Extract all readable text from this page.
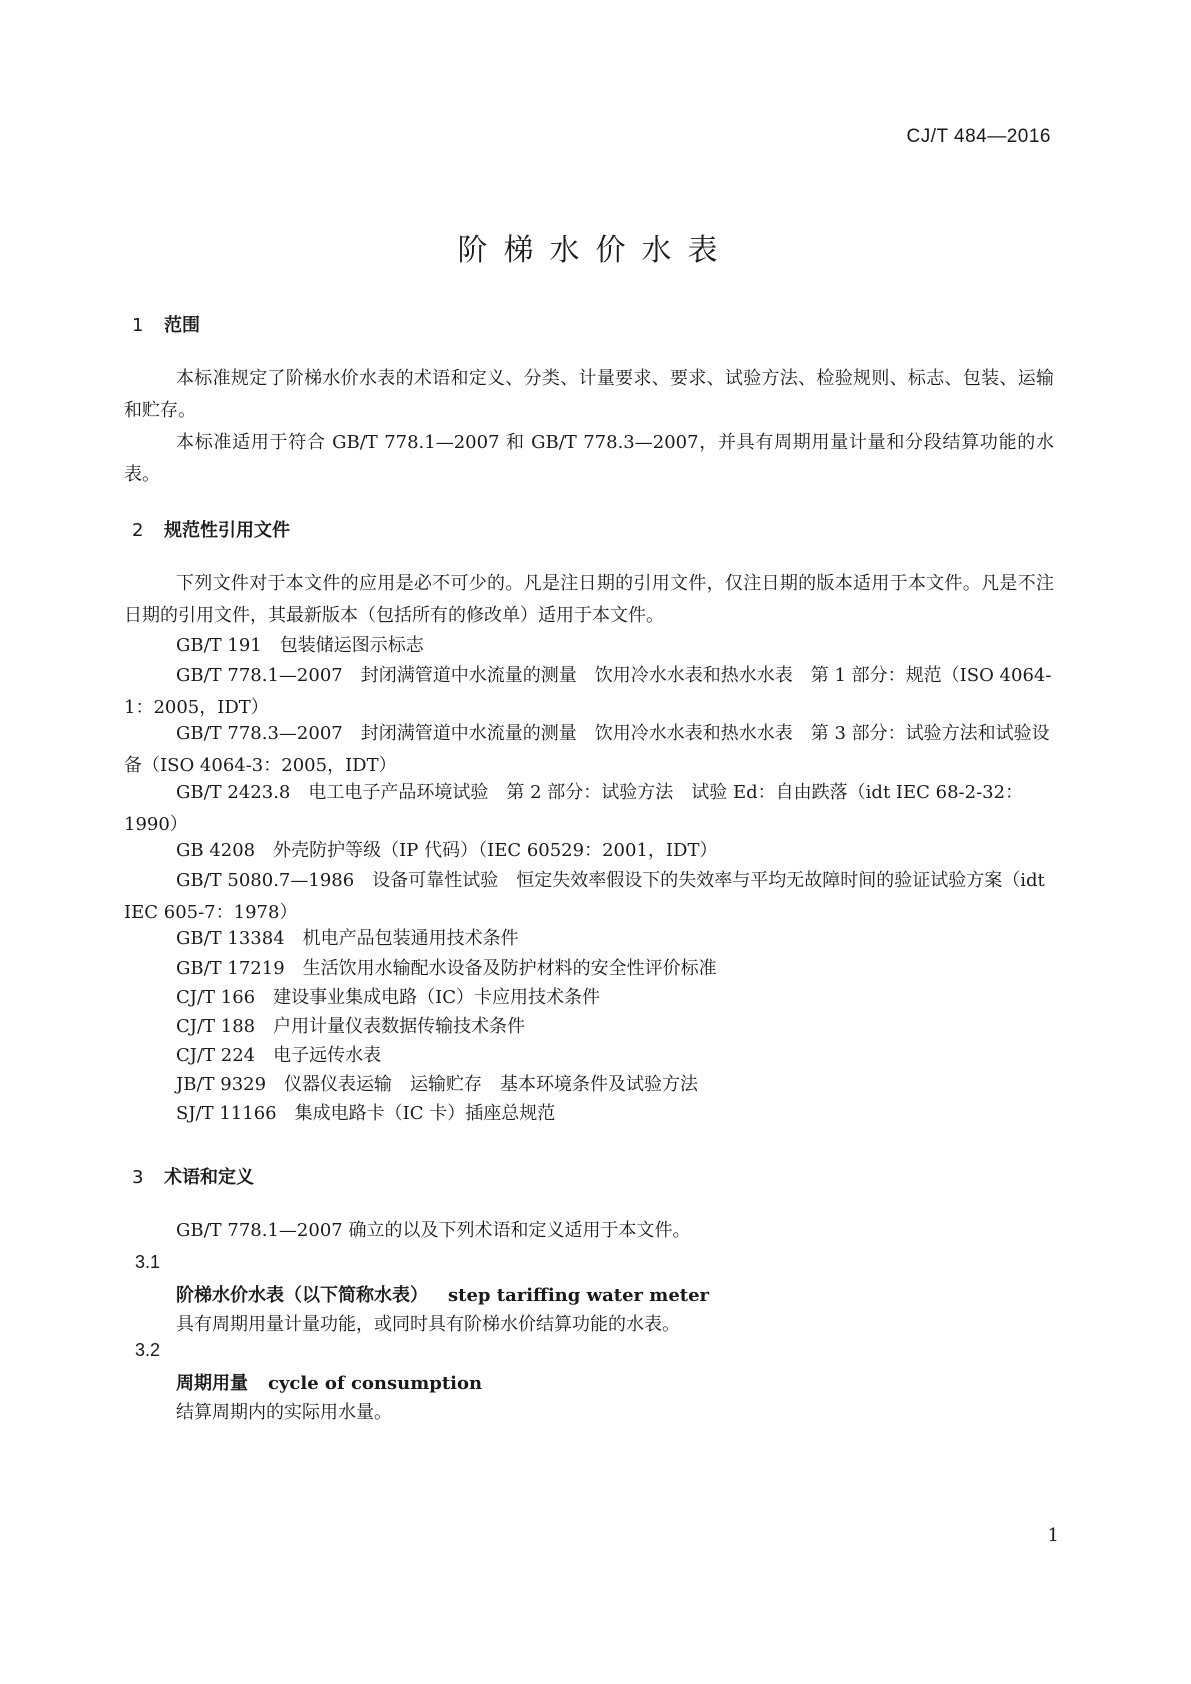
CJ/T 484—2016
阶梯水价水表
1 范围

本标准规定了阶梯水价水表的术语和定义、分类、计量要求、要求、试验方法、检验规则、标志、包装、运输和贮存。

本标准适用于符合 GB/T 778.1—2007 和 GB/T 778.3—2007，并具有周期用量计量和分段结算功能的水表。

2 规范性引用文件

下列文件对于本文件的应用是必不可少的。凡是注日期的引用文件，仅注日期的版本适用于本文件。凡是不注日期的引用文件，其最新版本（包括所有的修改单）适用于本文件。

GB/T 191 包装储运图示标志

GB/T 778.1—2007 封闭满管道中水流量的测量　饮用冷水水表和热水水表　第 1 部分：规范（ISO 4064-1：2005，IDT）

GB/T 778.3—2007 封闭满管道中水流量的测量　饮用冷水水表和热水水表　第 3 部分：试验方法和试验设备（ISO 4064-3：2005，IDT）

GB/T 2423.8 电工电子产品环境试验　第 2 部分：试验方法　试验 Ed：自由跌落（idt IEC 68-2-32：1990）

GB 4208 外壳防护等级（IP 代码）（IEC 60529：2001，IDT）

GB/T 5080.7—1986 设备可靠性试验　恒定失效率假设下的失效率与平均无故障时间的验证试验方案（idt IEC 605-7：1978）

GB/T 13384 机电产品包装通用技术条件

GB/T 17219 生活饮用水输配水设备及防护材料的安全性评价标准

CJ/T 166 建设事业集成电路（IC）卡应用技术条件

CJ/T 188 户用计量仪表数据传输技术条件

CJ/T 224 电子远传水表

JB/T 9329 仪器仪表运输　运输贮存　基本环境条件及试验方法

SJ/T 11166 集成电路卡（IC 卡）插座总规范

3 术语和定义

GB/T 778.1—2007 确立的以及下列术语和定义适用于本文件。

3.1
阶梯水价水表（以下简称水表） step tariffing water meter

具有周期用量计量功能，或同时具有阶梯水价结算功能的水表。

3.2
周期用量 cycle of consumption

结算周期内的实际用水量。

1
